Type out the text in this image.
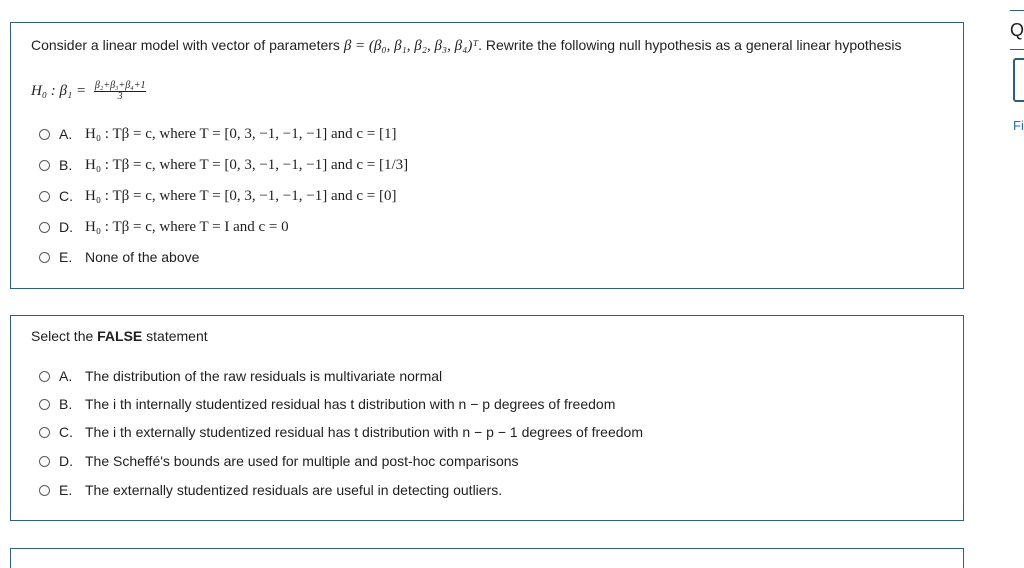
Consider a linear model with vector of parameters β = (β₀, β₁, β₂, β₃, β₄)ᵀ. Rewrite the following null hypothesis as a general linear hypothesis
H₀ : $\beta_1 = \frac{\text{β₂+β₃+β₄+1}}{3}$
A. H₀ : Tβ = c, where T = [0, 3, −1, −1, −1] and c = [1]
B. H₀ : Tβ = c, where T = [0, 3, −1, −1, −1] and c = [1/3]
C. H₀ : Tβ = c, where T = [0, 3, −1, −1, −1] and c = [0]
D. H₀ : Tβ = c, where T = I and c = 0
E. None of the above
Select the FALSE statement
A. The distribution of the raw residuals is multivariate normal
B. The i th internally studentized residual has t distribution with n − p degrees of freedom
C. The i th externally studentized residual has t distribution with n − p − 1 degrees of freedom
D. The Scheffé's bounds are used for multiple and post-hoc comparisons
E. The externally studentized residuals are useful in detecting outliers.
Q
Fi
